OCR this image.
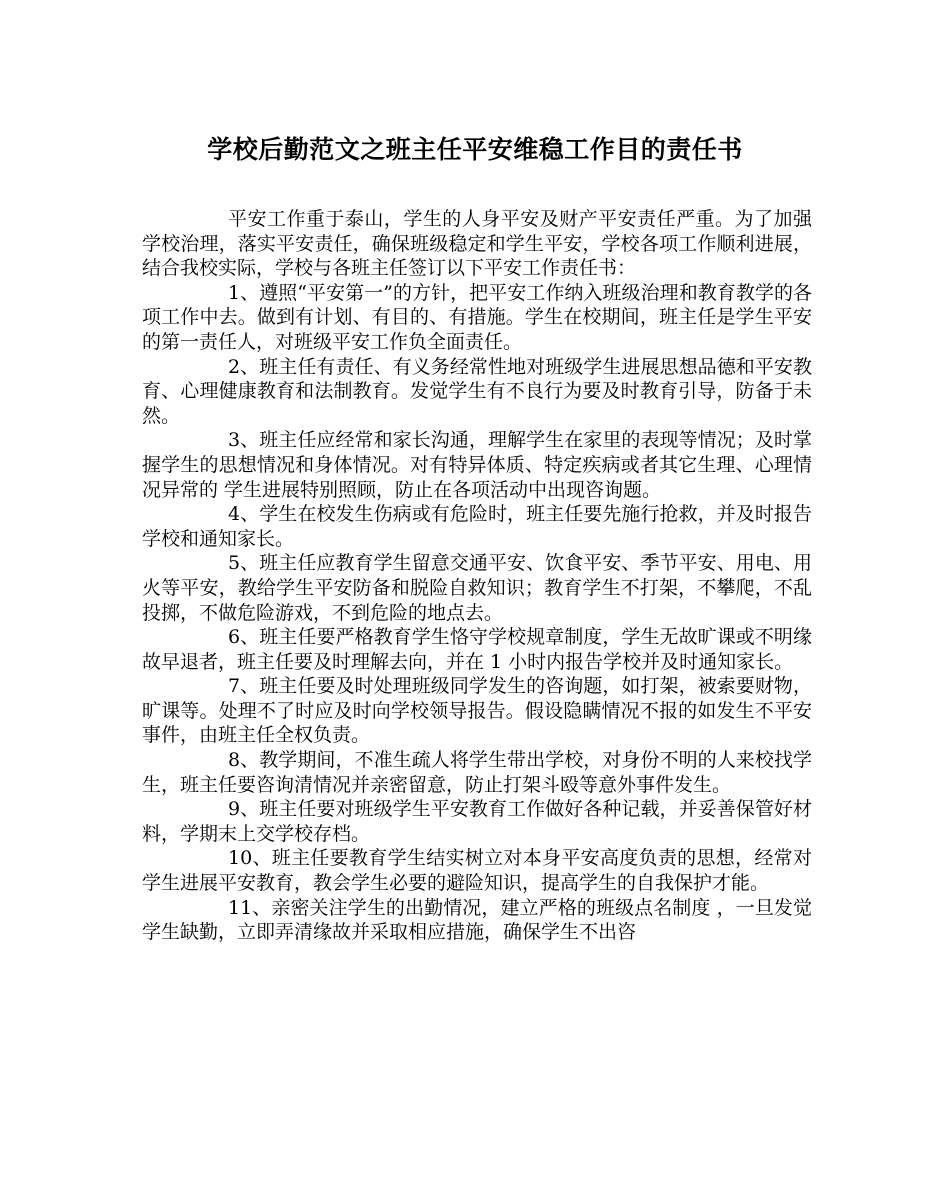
学校后勤范文之班主任平安维稳工作目的责任书

平安工作重于泰山，学生的人身平安及财产平安责任严重。为了加强学校治理，落实平安责任，确保班级稳定和学生平安，学校各项工作顺利进展， 结合我校实际，学校与各班主任签订以下平安工作责任书：

1、遵照“平安第一”的方针，把平安工作纳入班级治理和教育教学的各项工作中去。做到有计划、有目的、有措施。学生在校期间，班主任是学生平安的第一责任人，对班级平安工作负全面责任。

2、班主任有责任、有义务经常性地对班级学生进展思想品德和平安教育、心理健康教育和法制教育。发觉学生有不良行为要及时教育引导，防备于未然。

3、班主任应经常和家长沟通，理解学生在家里的表现等情况；及时掌握学生的思想情况和身体情况。对有特异体质、特定疾病或者其它生理、心理情况异常的 学生进展特别照顾，防止在各项活动中出现咨询题。

4、学生在校发生伤病或有危险时，班主任要先施行抢救，并及时报告学校和通知家长。

5、班主任应教育学生留意交通平安、饮食平安、季节平安、用电、用火等平安，教给学生平安防备和脱险自救知识；教育学生不打架，不攀爬，不乱投掷，不做危险游戏，不到危险的地点去。

6、班主任要严格教育学生恪守学校规章制度，学生无故旷课或不明缘故早退者，班主任要及时理解去向，并在 1 小时内报告学校并及时通知家长。

7、班主任要及时处理班级同学发生的咨询题，如打架，被索要财物，旷课等。处理不了时应及时向学校领导报告。假设隐瞒情况不报的如发生不平安事件，由班主任全权负责。

8、教学期间，不准生疏人将学生带出学校，对身份不明的人来校找学生，班主任要咨询清情况并亲密留意，防止打架斗殴等意外事件发生。

9、班主任要对班级学生平安教育工作做好各种记载，并妥善保管好材料，学期末上交学校存档。

10、班主任要教育学生结实树立对本身平安高度负责的思想，经常对学生进展平安教育，教会学生必要的避险知识，提高学生的自我保护才能。

11、亲密关注学生的出勤情况，建立严格的班级点名制度 ，一旦发觉学生缺勤，立即弄清缘故并采取相应措施，确保学生不出咨
